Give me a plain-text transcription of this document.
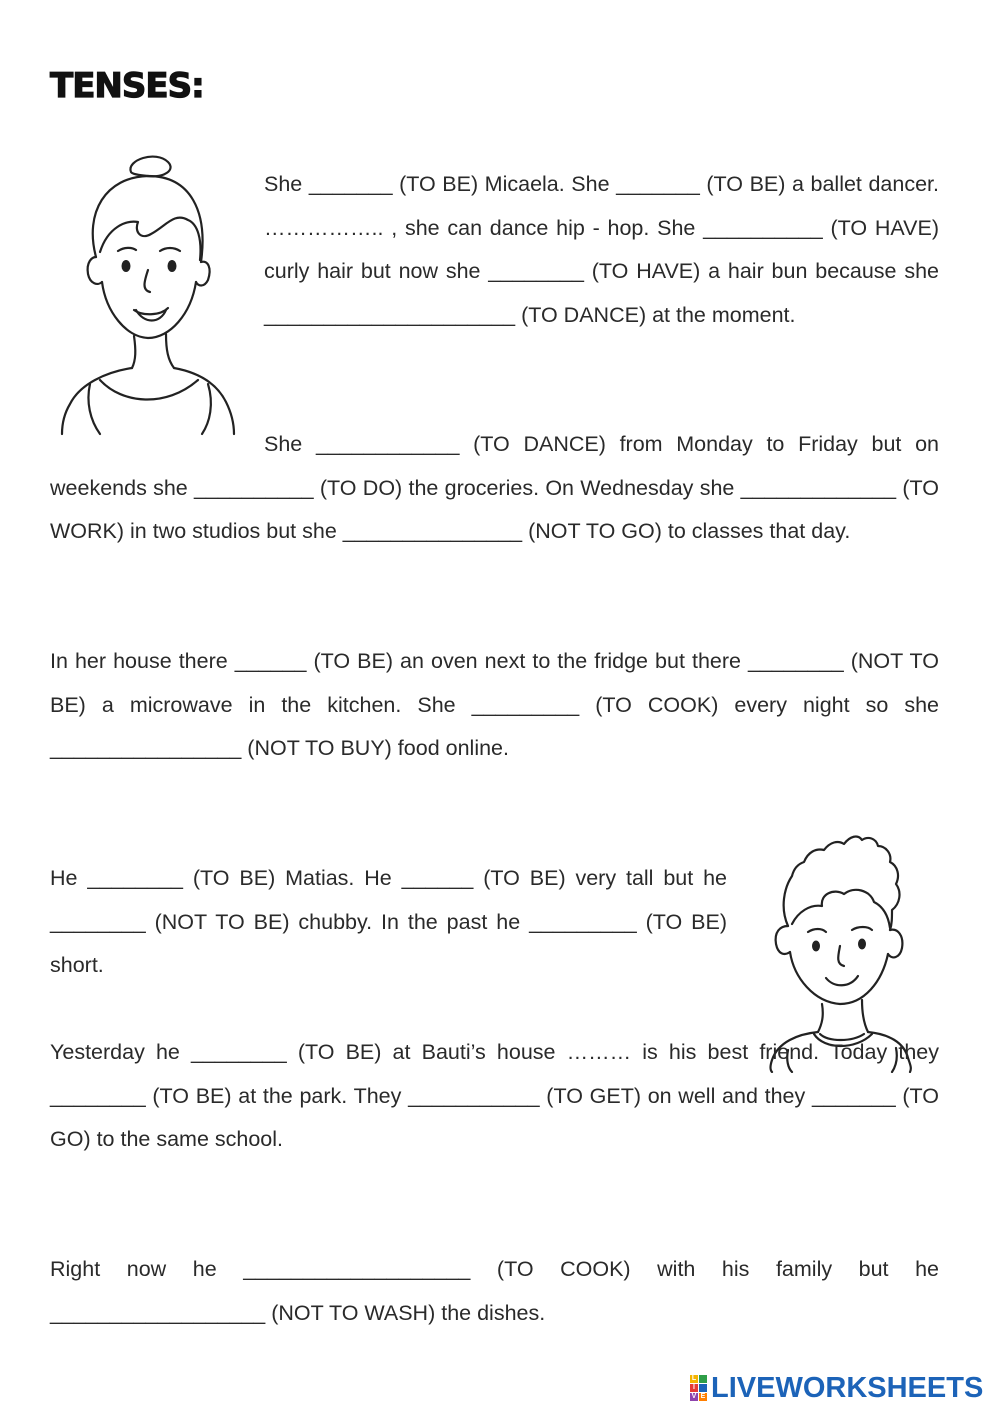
TENSES:

She _______ (TO BE) Micaela. She _______ (TO BE) a ballet dancer. …………….. , she can dance hip - hop. She __________ (TO HAVE) curly hair but now she ________ (TO HAVE) a hair bun because she _____________________ (TO DANCE) at the moment.

She ____________ (TO DANCE) from Monday to Friday but on weekends she __________ (TO DO) the groceries. On Wednesday she _____________ (TO WORK) in two studios but she _______________ (NOT TO GO) to classes that day.

In her house there ______ (TO BE) an oven next to the fridge but there ________ (NOT TO BE) a microwave in the kitchen. She _________ (TO COOK) every night so she ________________ (NOT TO BUY) food online.

He ________ (TO BE) Matias. He ______ (TO BE) very tall but he ________ (NOT TO BE) chubby. In the past he _________ (TO BE) short.

Yesterday he ________ (TO BE) at Bauti’s house ……… is his best friend. Today they ________ (TO BE) at the park. They ___________ (TO GET) on well and they _______ (TO GO) to the same school.

Right now he ___________________ (TO COOK) with his family but he __________________ (NOT TO WASH) the dishes.

L
I
V E LIVEWORKSHEETS
